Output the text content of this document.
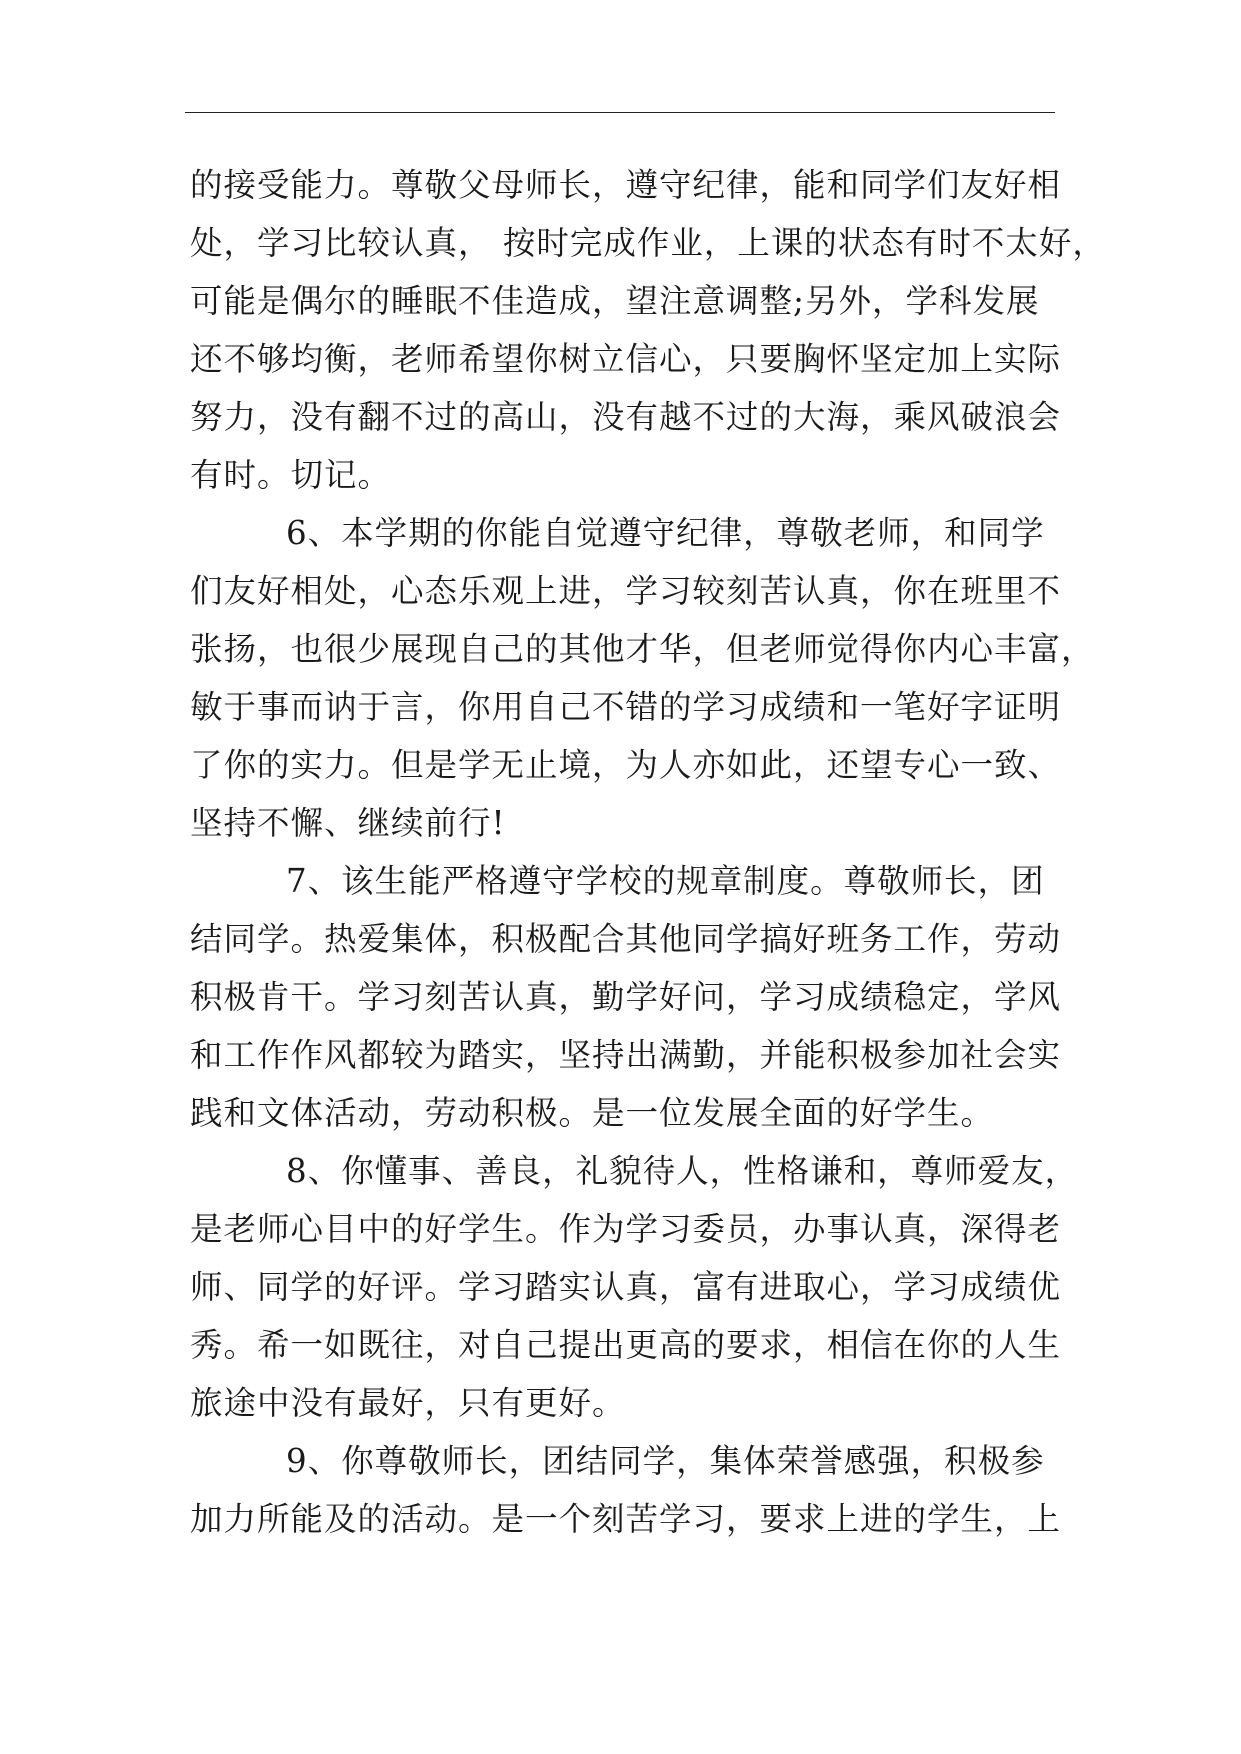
的接受能力。尊敬父母师长，遵守纪律，能和同学们友好相
处，学习比较认真， 按时完成作业，上课的状态有时不太好，
可能是偶尔的睡眠不佳造成，望注意调整;另外，学科发展
还不够均衡，老师希望你树立信心，只要胸怀坚定加上实际
努力，没有翻不过的高山，没有越不过的大海，乘风破浪会
有时。切记。
6、本学期的你能自觉遵守纪律，尊敬老师，和同学
们友好相处，心态乐观上进，学习较刻苦认真，你在班里不
张扬，也很少展现自己的其他才华，但老师觉得你内心丰富，
敏于事而讷于言，你用自己不错的学习成绩和一笔好字证明
了你的实力。但是学无止境，为人亦如此，还望专心一致、
坚持不懈、继续前行!
7、该生能严格遵守学校的规章制度。尊敬师长，团
结同学。热爱集体，积极配合其他同学搞好班务工作，劳动
积极肯干。学习刻苦认真，勤学好问，学习成绩稳定，学风
和工作作风都较为踏实，坚持出满勤，并能积极参加社会实
践和文体活动，劳动积极。是一位发展全面的好学生。
8、你懂事、善良，礼貌待人，性格谦和，尊师爱友，
是老师心目中的好学生。作为学习委员，办事认真，深得老
师、同学的好评。学习踏实认真，富有进取心，学习成绩优
秀。希一如既往，对自己提出更高的要求，相信在你的人生
旅途中没有最好，只有更好。
9、你尊敬师长，团结同学，集体荣誉感强，积极参
加力所能及的活动。是一个刻苦学习，要求上进的学生，上
